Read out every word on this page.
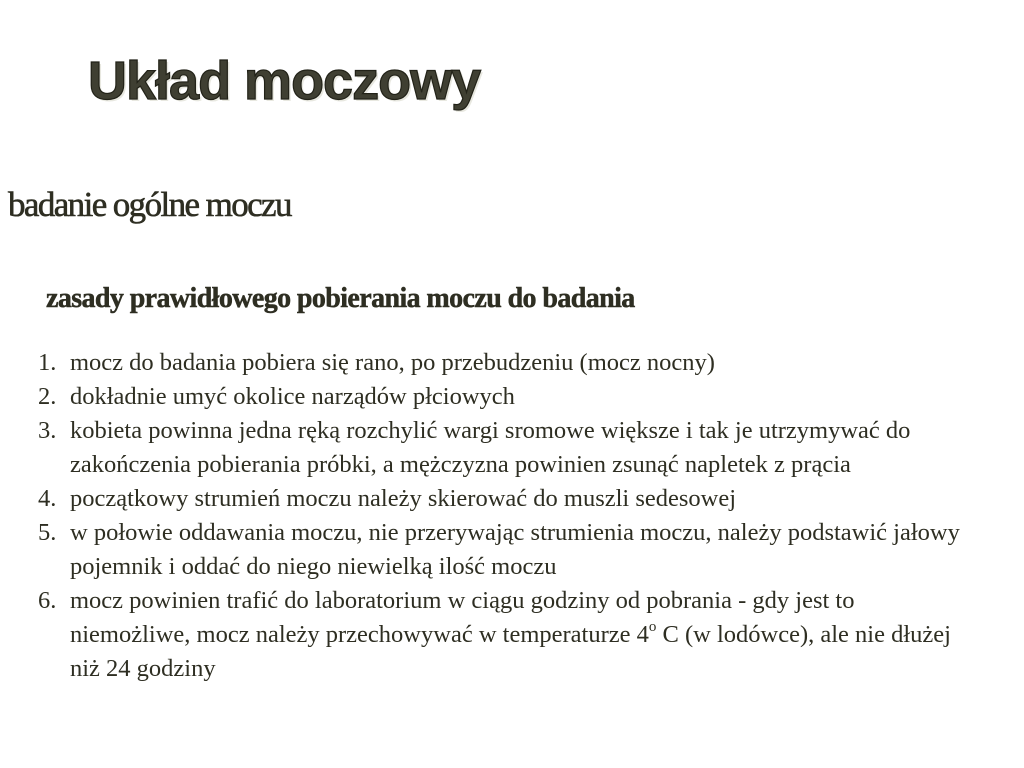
Układ moczowy
badanie ogólne moczu
zasady prawidłowego pobierania moczu do badania
1. mocz do badania pobiera się rano, po przebudzeniu (mocz nocny)
2. dokładnie umyć okolice narządów płciowych
3. kobieta powinna jedna ręką rozchylić wargi sromowe większe i tak je utrzymywać do zakończenia pobierania próbki, a mężczyzna powinien zsunąć napletek z prącia
4. początkowy strumień moczu należy skierować do muszli sedesowej
5. w połowie oddawania moczu, nie przerywając strumienia moczu, należy podstawić jałowy pojemnik i oddać do niego niewielką ilość moczu
6. mocz powinien trafić do laboratorium w ciągu godziny od pobrania - gdy jest to niemożliwe, mocz należy przechowywać w temperaturze 4$^o$ C (w lodówce), ale nie dłużej niż 24 godziny
